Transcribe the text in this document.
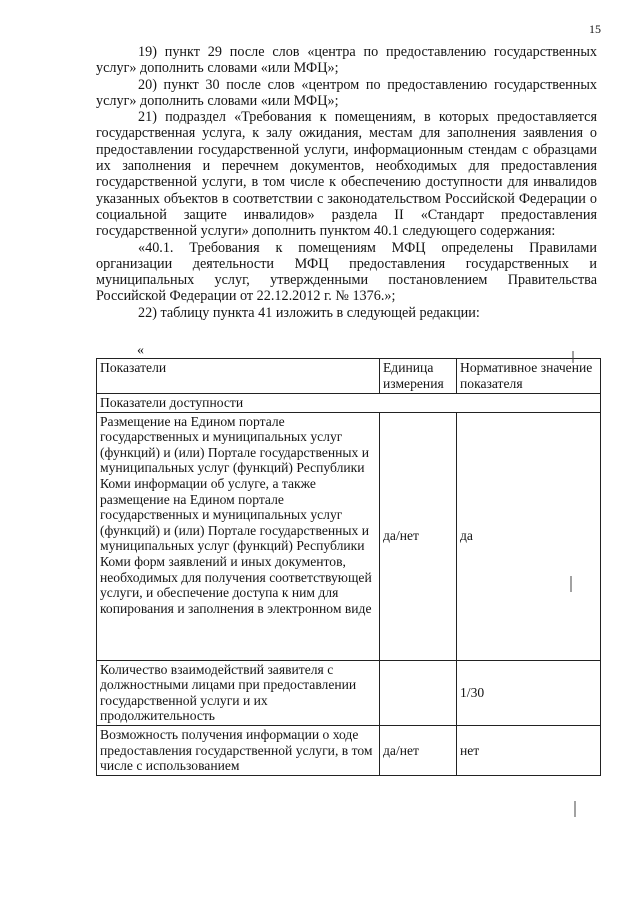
15

19) пункт 29 после слов «центра по предоставлению государственных услуг» дополнить словами «или МФЦ»;

20) пункт 30 после слов «центром по предоставлению государственных услуг» дополнить словами «или МФЦ»;

21) подраздел «Требования к помещениям, в которых предоставляется государственная услуга, к залу ожидания, местам для заполнения заявления о предоставлении государственной услуги, информационным стендам с образцами их заполнения и перечнем документов, необходимых для предоставления государственной услуги, в том числе к обеспечению доступности для инвалидов указанных объектов в соответствии с законодательством Российской Федерации о социальной защите инвалидов» раздела II «Стандарт предоставления государственной услуги» дополнить пунктом 40.1 следующего содержания:

«40.1. Требования к помещениям МФЦ определены Правилами организации деятельности МФЦ предоставления государственных и муниципальных услуг, утвержденными постановлением Правительства Российской Федерации от 22.12.2012 г. № 1376.»;

22) таблицу пункта 41 изложить в следующей редакции:

«
Показатели	Единица измерения	Нормативное значение показателя
Показатели доступности		
Размещение на Едином портале государственных и муниципальных услуг (функций) и (или) Портале государственных и муниципальных услуг (функций) Республики Коми информации об услуге, а также размещение на Едином портале государственных и муниципальных услуг (функций) и (или) Портале государственных и муниципальных услуг (функций) Республики Коми форм заявлений и иных документов, необходимых для получения соответствующей услуги, и обеспечение доступа к ним для копирования и заполнения в электронном виде	да/нет	да
Количество взаимодействий заявителя с должностными лицами при предоставлении государственной услуги и их продолжительность		1/30
Возможность получения информации о ходе предоставления государственной услуги, в том числе с использованием	да/нет	нет
